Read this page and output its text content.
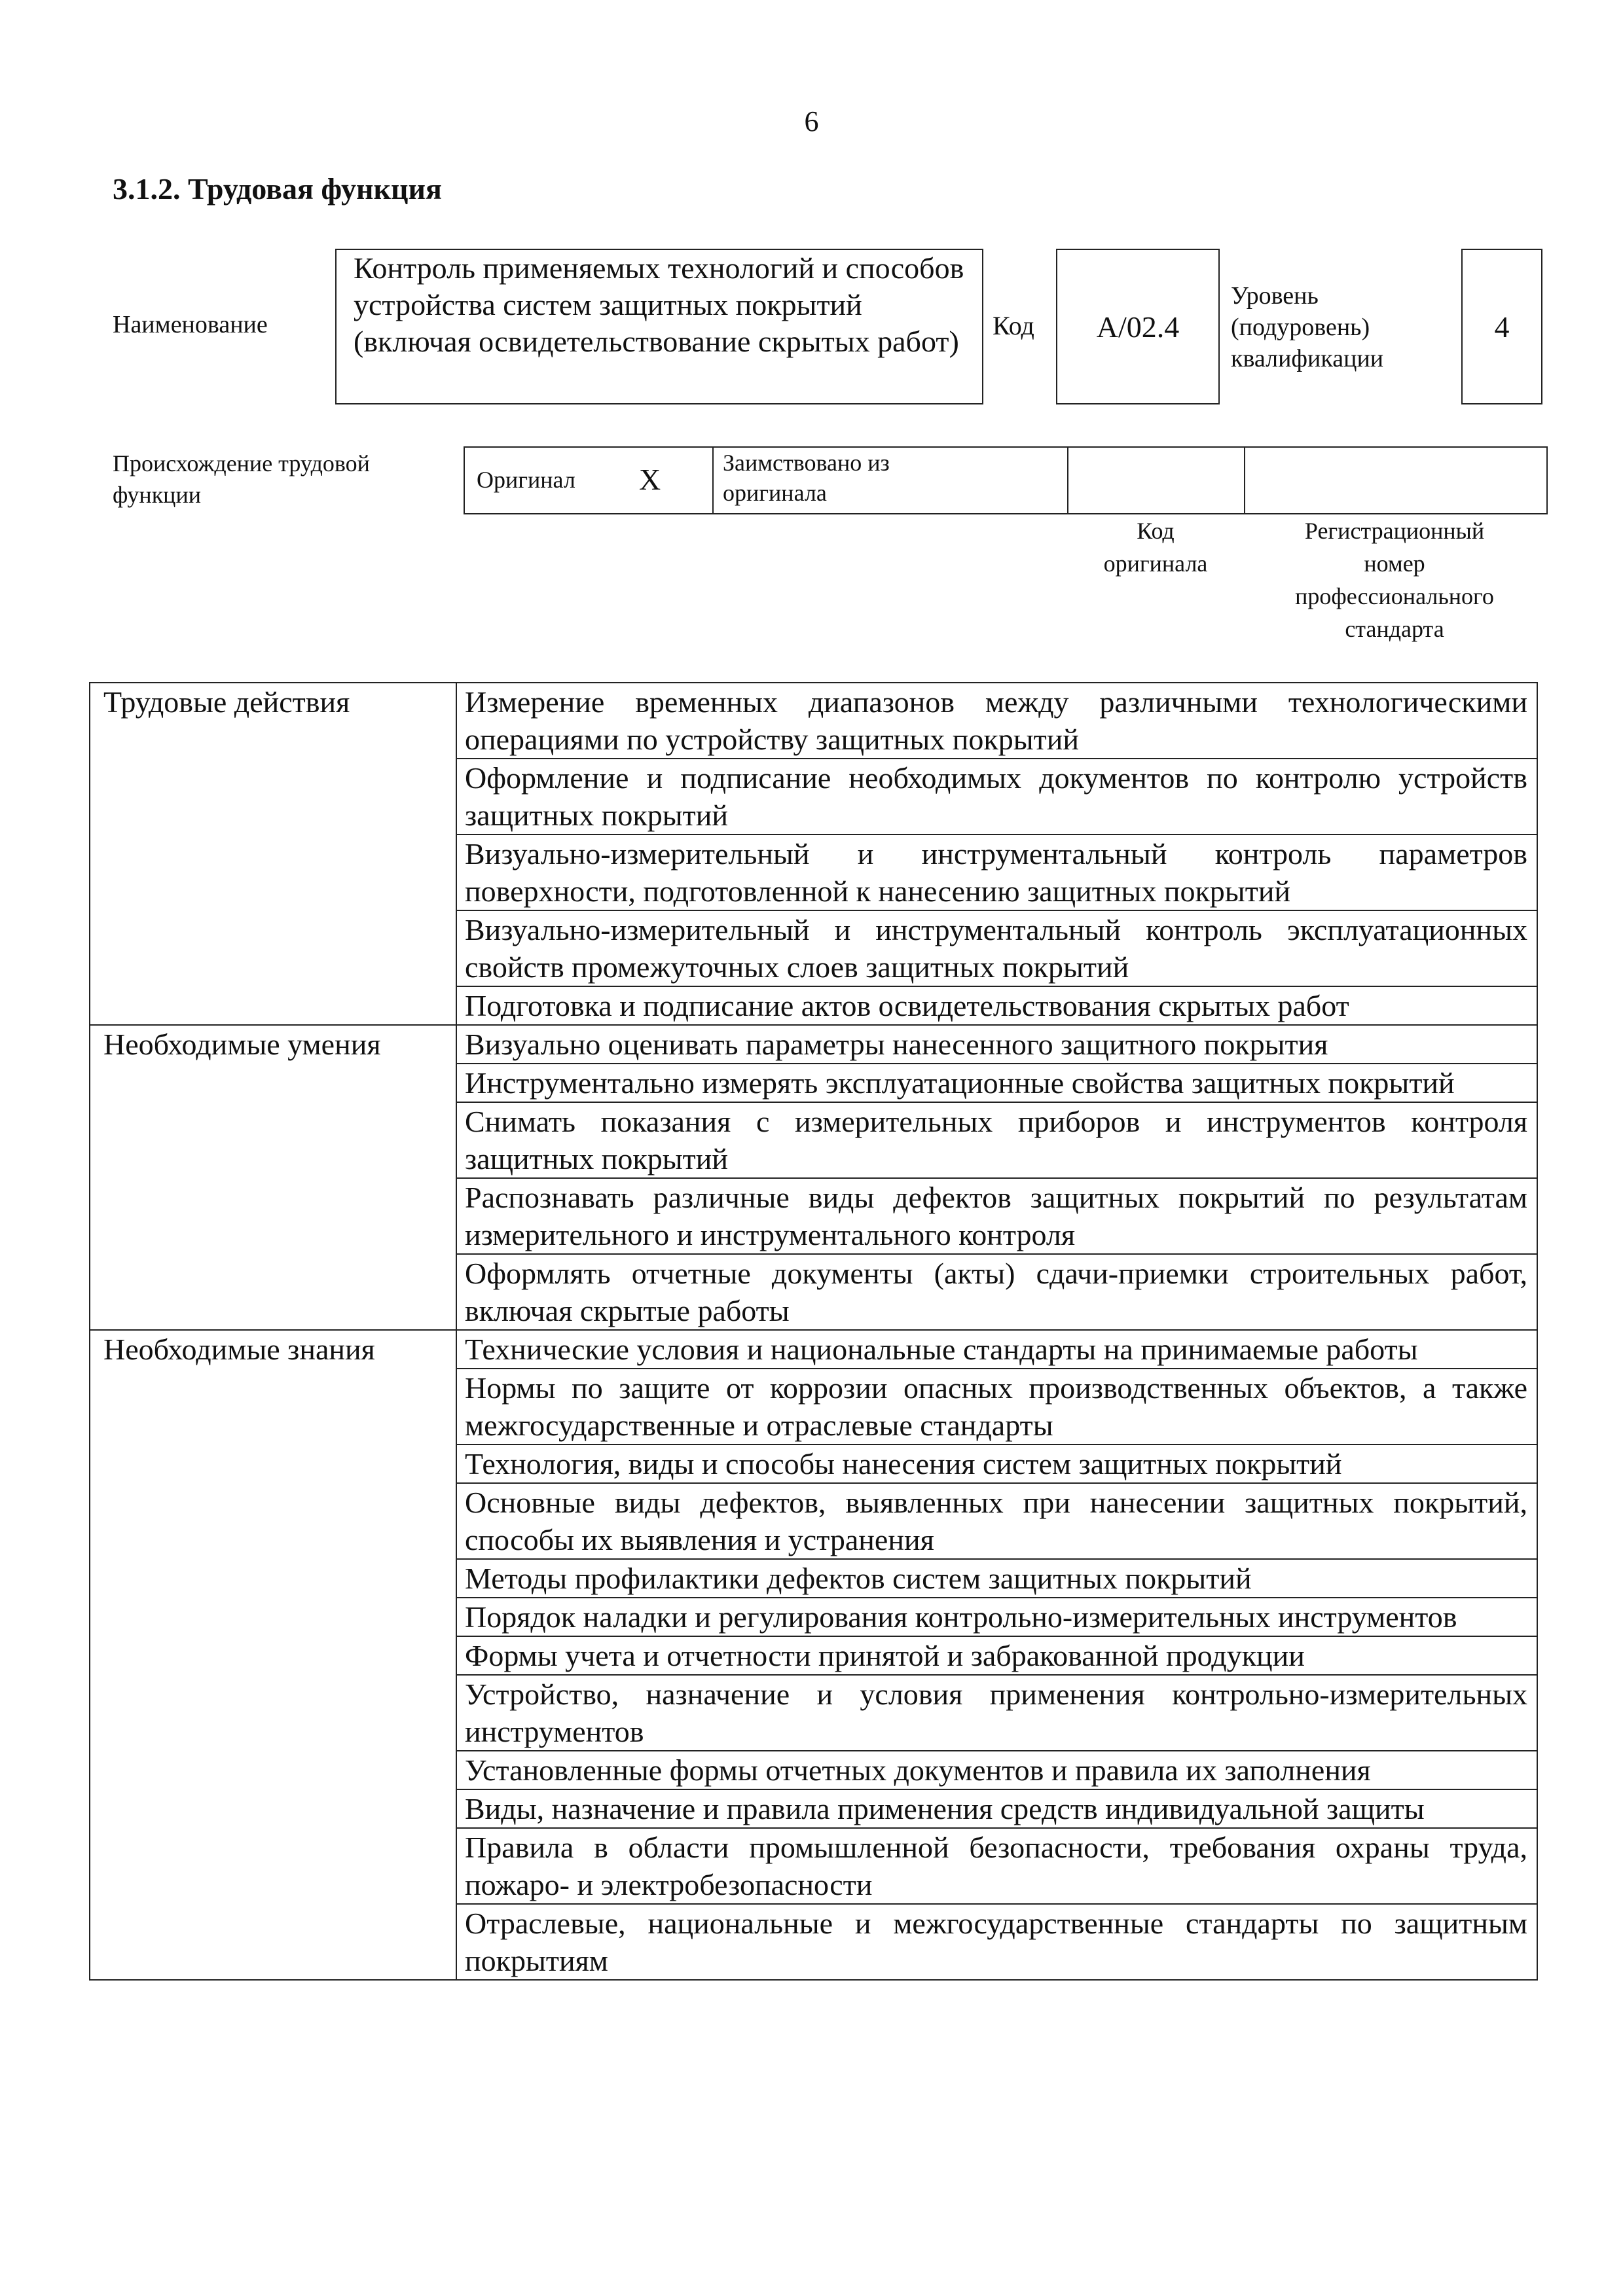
6
3.1.2. Трудовая функция
Наименование
Контроль применяемых технологий и способов устройства систем защитных покрытий (включая освидетельствование скрытых работ)	Код А/02.4
Уровень
(подуровень)
квалификации
4
Происхождение трудовой
функции
Оригинал X	Заимствовано из
оригинала
Код
оригинала
Регистрационный
номер
профессионального
стандарта
Трудовые действия	Измерение временных диапазонов между различными технологическими операциями по устройству защитных покрытий
	Оформление и подписание необходимых документов по контролю устройств защитных покрытий
	Визуально-измерительный и инструментальный контроль параметров поверхности, подготовленной к нанесению защитных покрытий
	Визуально-измерительный и инструментальный контроль эксплуатационных свойств промежуточных слоев защитных покрытий
	Подготовка и подписание актов освидетельствования скрытых работ
Необходимые умения	Визуально оценивать параметры нанесенного защитного покрытия
	Инструментально измерять эксплуатационные свойства защитных покрытий
	Снимать показания с измерительных приборов и инструментов контроля защитных покрытий
	Распознавать различные виды дефектов защитных покрытий по результатам измерительного и инструментального контроля
	Оформлять отчетные документы (акты) сдачи-приемки строительных работ, включая скрытые работы
Необходимые знания	Технические условия и национальные стандарты на принимаемые работы
	Нормы по защите от коррозии опасных производственных объектов, а также межгосударственные и отраслевые стандарты
	Технология, виды и способы нанесения систем защитных покрытий
	Основные виды дефектов, выявленных при нанесении защитных покрытий, способы их выявления и устранения
	Методы профилактики дефектов систем защитных покрытий
	Порядок наладки и регулирования контрольно-измерительных инструментов
	Формы учета и отчетности принятой и забракованной продукции
	Устройство, назначение и условия применения контрольно-измерительных инструментов
	Установленные формы отчетных документов и правила их заполнения
	Виды, назначение и правила применения средств индивидуальной защиты
	Правила в области промышленной безопасности, требования охраны труда, пожаро- и электробезопасности
	Отраслевые, национальные и межгосударственные стандарты по защитным покрытиям
